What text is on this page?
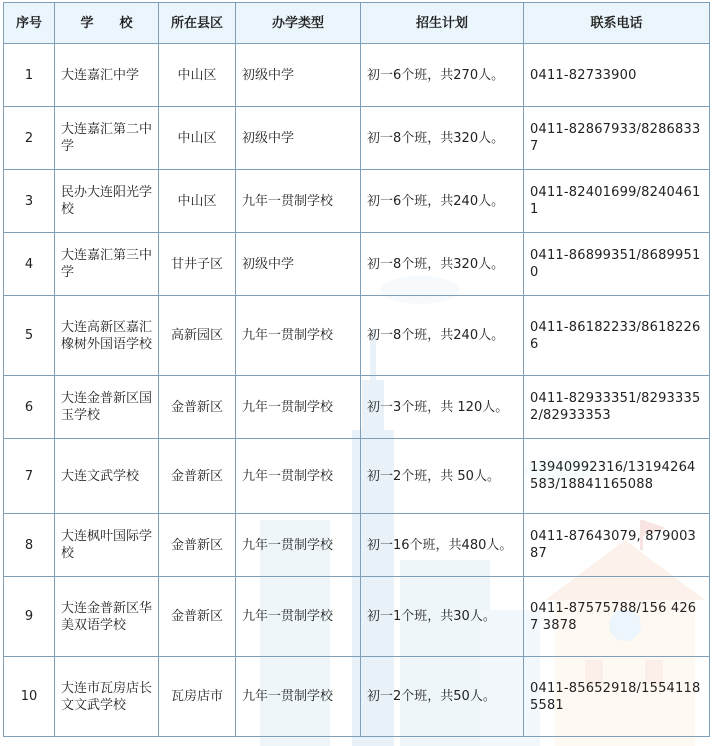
序号	学　　校	所在县区	办学类型	招生计划	联系电话
1	大连嘉汇中学	中山区	初级中学	初一6个班，共270人。	0411-82733900
2	大连嘉汇第二中学	中山区	初级中学	初一8个班，共320人。	0411-82867933/82868337
3	民办大连阳光学校	中山区	九年一贯制学校	初一6个班，共240人。	0411-82401699/82404611
4	大连嘉汇第三中学	甘井子区	初级中学	初一8个班，共320人。	0411-86899351/86899510
5	大连高新区嘉汇橡树外国语学校	高新园区	九年一贯制学校	初一8个班，共240人。	0411-86182233/86182266
6	大连金普新区国玉学校	金普新区	九年一贯制学校	初一3个班，共 120人。	0411-82933351/82933352/82933353
7	大连文武学校	金普新区	九年一贯制学校	初一2个班，共 50人。	13940992316/13194264583/18841165088
8	大连枫叶国际学校	金普新区	九年一贯制学校	初一16个班，共480人。	0411-87643079, 87900387
9	大连金普新区华美双语学校	金普新区	九年一贯制学校	初一1个班，共30人。	0411-87575788/156 4267 3878
10	大连市瓦房店长文文武学校	瓦房店市	九年一贯制学校	初一2个班，共50人。	0411-85652918/15541185581
